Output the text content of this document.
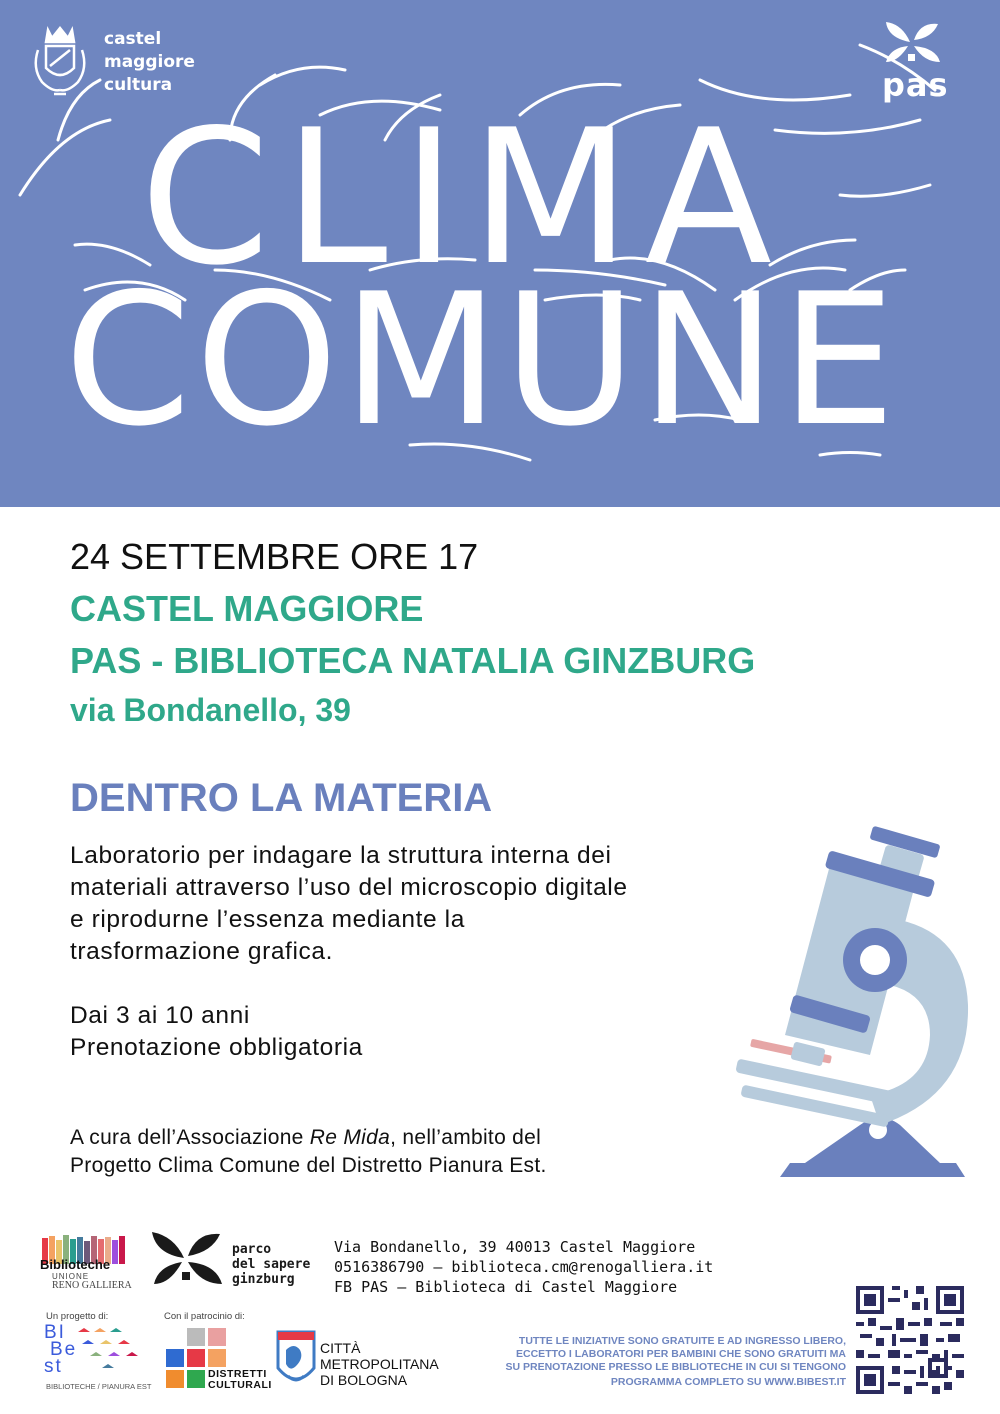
castel
maggiore
cultura	pas
CLIMA
COMUNE
24 SETTEMBRE ORE 17
CASTEL MAGGIORE
PAS - BIBLIOTECA NATALIA GINZBURG
via Bondanello, 39
DENTRO LA MATERIA
Laboratorio per indagare la struttura interna dei
materiali attraverso l’uso del microscopio digitale
e riprodurne l’essenza mediante la
trasformazione grafica.
Dai 3 ai 10 anni
Prenotazione obbligatoria
A cura dell’Associazione Re Mida, nell’ambito del
Progetto Clima Comune del Distretto Pianura Est.
Biblioteche
UNIONE
RENO GALLIERA
parco
del sapere
ginzburg
Via Bondanello, 39 40013 Castel Maggiore
0516386790 – biblioteca.cm@renogalliera.it
FB PAS – Biblioteca di Castel Maggiore
Un progetto di:
BI
Be
st
BIBLIOTECHE / PIANURA EST
Con il patrocinio di:
DISTRETTI
CULTURALI
CITTÀ
METROPOLITANA
DI BOLOGNA
TUTTE LE INIZIATIVE SONO GRATUITE E AD INGRESSO LIBERO,
ECCETTO I LABORATORI PER BAMBINI CHE SONO GRATUITI MA
SU PRENOTAZIONE PRESSO LE BIBLIOTECHE IN CUI SI TENGONO
PROGRAMMA COMPLETO SU WWW.BIBEST.IT
